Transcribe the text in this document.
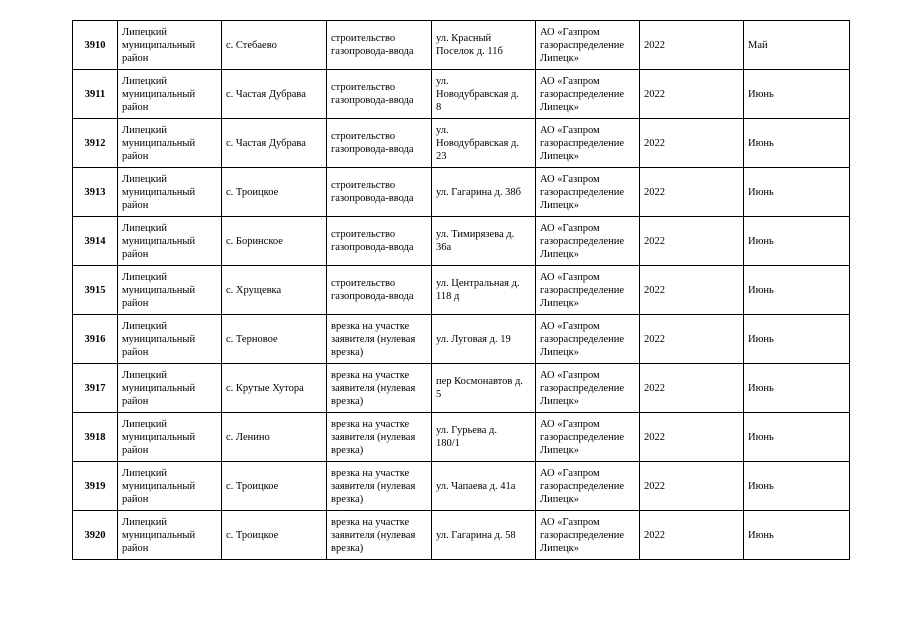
3910	Липецкий
муниципальный
район	с. Стебаево	строительство
газопровода-ввода	ул. Красный
Поселок д. 11б	АО «Газпром
газораспределение
Липецк»	2022	Май

3911	Липецкий
муниципальный
район	с. Частая Дубрава	строительство
газопровода-ввода	ул.
Новодубравская д.
8	АО «Газпром
газораспределение
Липецк»	2022	Июнь

3912	Липецкий
муниципальный
район	с. Частая Дубрава	строительство
газопровода-ввода	ул.
Новодубравская д.
23	АО «Газпром
газораспределение
Липецк»	2022	Июнь

3913	Липецкий
муниципальный
район	с. Троицкое	строительство
газопровода-ввода	ул. Гагарина д. 38б	АО «Газпром
газораспределение
Липецк»	2022	Июнь

3914	Липецкий
муниципальный
район	с. Боринское	строительство
газопровода-ввода	ул. Тимирязева д.
36а	АО «Газпром
газораспределение
Липецк»	2022	Июнь

3915	Липецкий
муниципальный
район	с. Хрущевка	строительство
газопровода-ввода	ул. Центральная д.
118 д	АО «Газпром
газораспределение
Липецк»	2022	Июнь

3916	Липецкий
муниципальный
район	с. Терновое	врезка на участке
заявителя (нулевая
врезка)	ул. Луговая д. 19	АО «Газпром
газораспределение
Липецк»	2022	Июнь

3917	Липецкий
муниципальный
район	с. Крутые Хутора	врезка на участке
заявителя (нулевая
врезка)	пер Космонавтов д.
5	АО «Газпром
газораспределение
Липецк»	2022	Июнь

3918	Липецкий
муниципальный
район	с. Ленино	врезка на участке
заявителя (нулевая
врезка)	ул. Гурьева д.
180/1	АО «Газпром
газораспределение
Липецк»	2022	Июнь

3919	Липецкий
муниципальный
район	с. Троицкое	врезка на участке
заявителя (нулевая
врезка)	ул. Чапаева д. 41а	АО «Газпром
газораспределение
Липецк»	2022	Июнь

3920	Липецкий
муниципальный
район	с. Троицкое	врезка на участке
заявителя (нулевая
врезка)	ул. Гагарина д. 58	АО «Газпром
газораспределение
Липецк»	2022	Июнь
